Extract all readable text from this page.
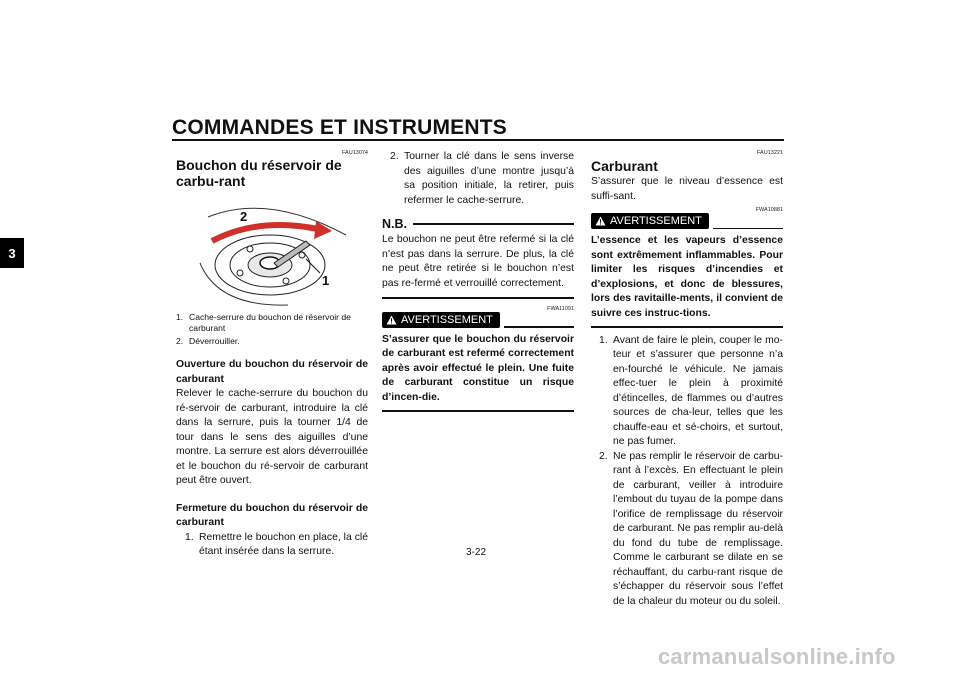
COMMANDES ET INSTRUMENTS
3
FAU13074
Bouchon du réservoir de carbu-rant
2
1
1. Cache-serrure du bouchon de réservoir de carburant
2. Déverrouiller.
Ouverture du bouchon du réservoir de carburant
Relever le cache-serrure du bouchon du ré-servoir de carburant, introduire la clé dans la serrure, puis la tourner 1/4 de tour dans le sens des aiguilles d’une montre. La serrure est alors déverrouillée et le bouchon du ré-servoir de carburant peut être ouvert.
Fermeture du bouchon du réservoir de carburant
1. Remettre le bouchon en place, la clé étant insérée dans la serrure.
2. Tourner la clé dans le sens inverse des aiguilles d’une montre jusqu’à sa position initiale, la retirer, puis refermer le cache-serrure.
N.B.
Le bouchon ne peut être refermé si la clé n’est pas dans la serrure. De plus, la clé ne peut être retirée si le bouchon n’est pas re-fermé et verrouillé correctement.
FWA11091
AVERTISSEMENT
S’assurer que le bouchon du réservoir de carburant est refermé correctement après avoir effectué le plein. Une fuite de carburant constitue un risque d’incen-die.
FAU13221
Carburant
S’assurer que le niveau d’essence est suffi-sant.
FWA10881
AVERTISSEMENT
L’essence et les vapeurs d’essence sont extrêmement inflammables. Pour limiter les risques d’incendies et d’explosions, et donc de blessures, lors des ravitaille-ments, il convient de suivre ces instruc-tions.
1. Avant de faire le plein, couper le mo-teur et s’assurer que personne n’a en-fourché le véhicule. Ne jamais effec-tuer le plein à proximité d’étincelles, de flammes ou d’autres sources de cha-leur, telles que les chauffe-eau et sé-choirs, et surtout, ne pas fumer.
2. Ne pas remplir le réservoir de carbu-rant à l’excès. En effectuant le plein de carburant, veiller à introduire l’embout du tuyau de la pompe dans l’orifice de remplissage du réservoir de carburant. Ne pas remplir au-delà du fond du tube de remplissage. Comme le carburant se dilate en se réchauffant, du carbu-rant risque de s’échapper du réservoir sous l’effet de la chaleur du moteur ou du soleil.
3-22
carmanualsonline.info
